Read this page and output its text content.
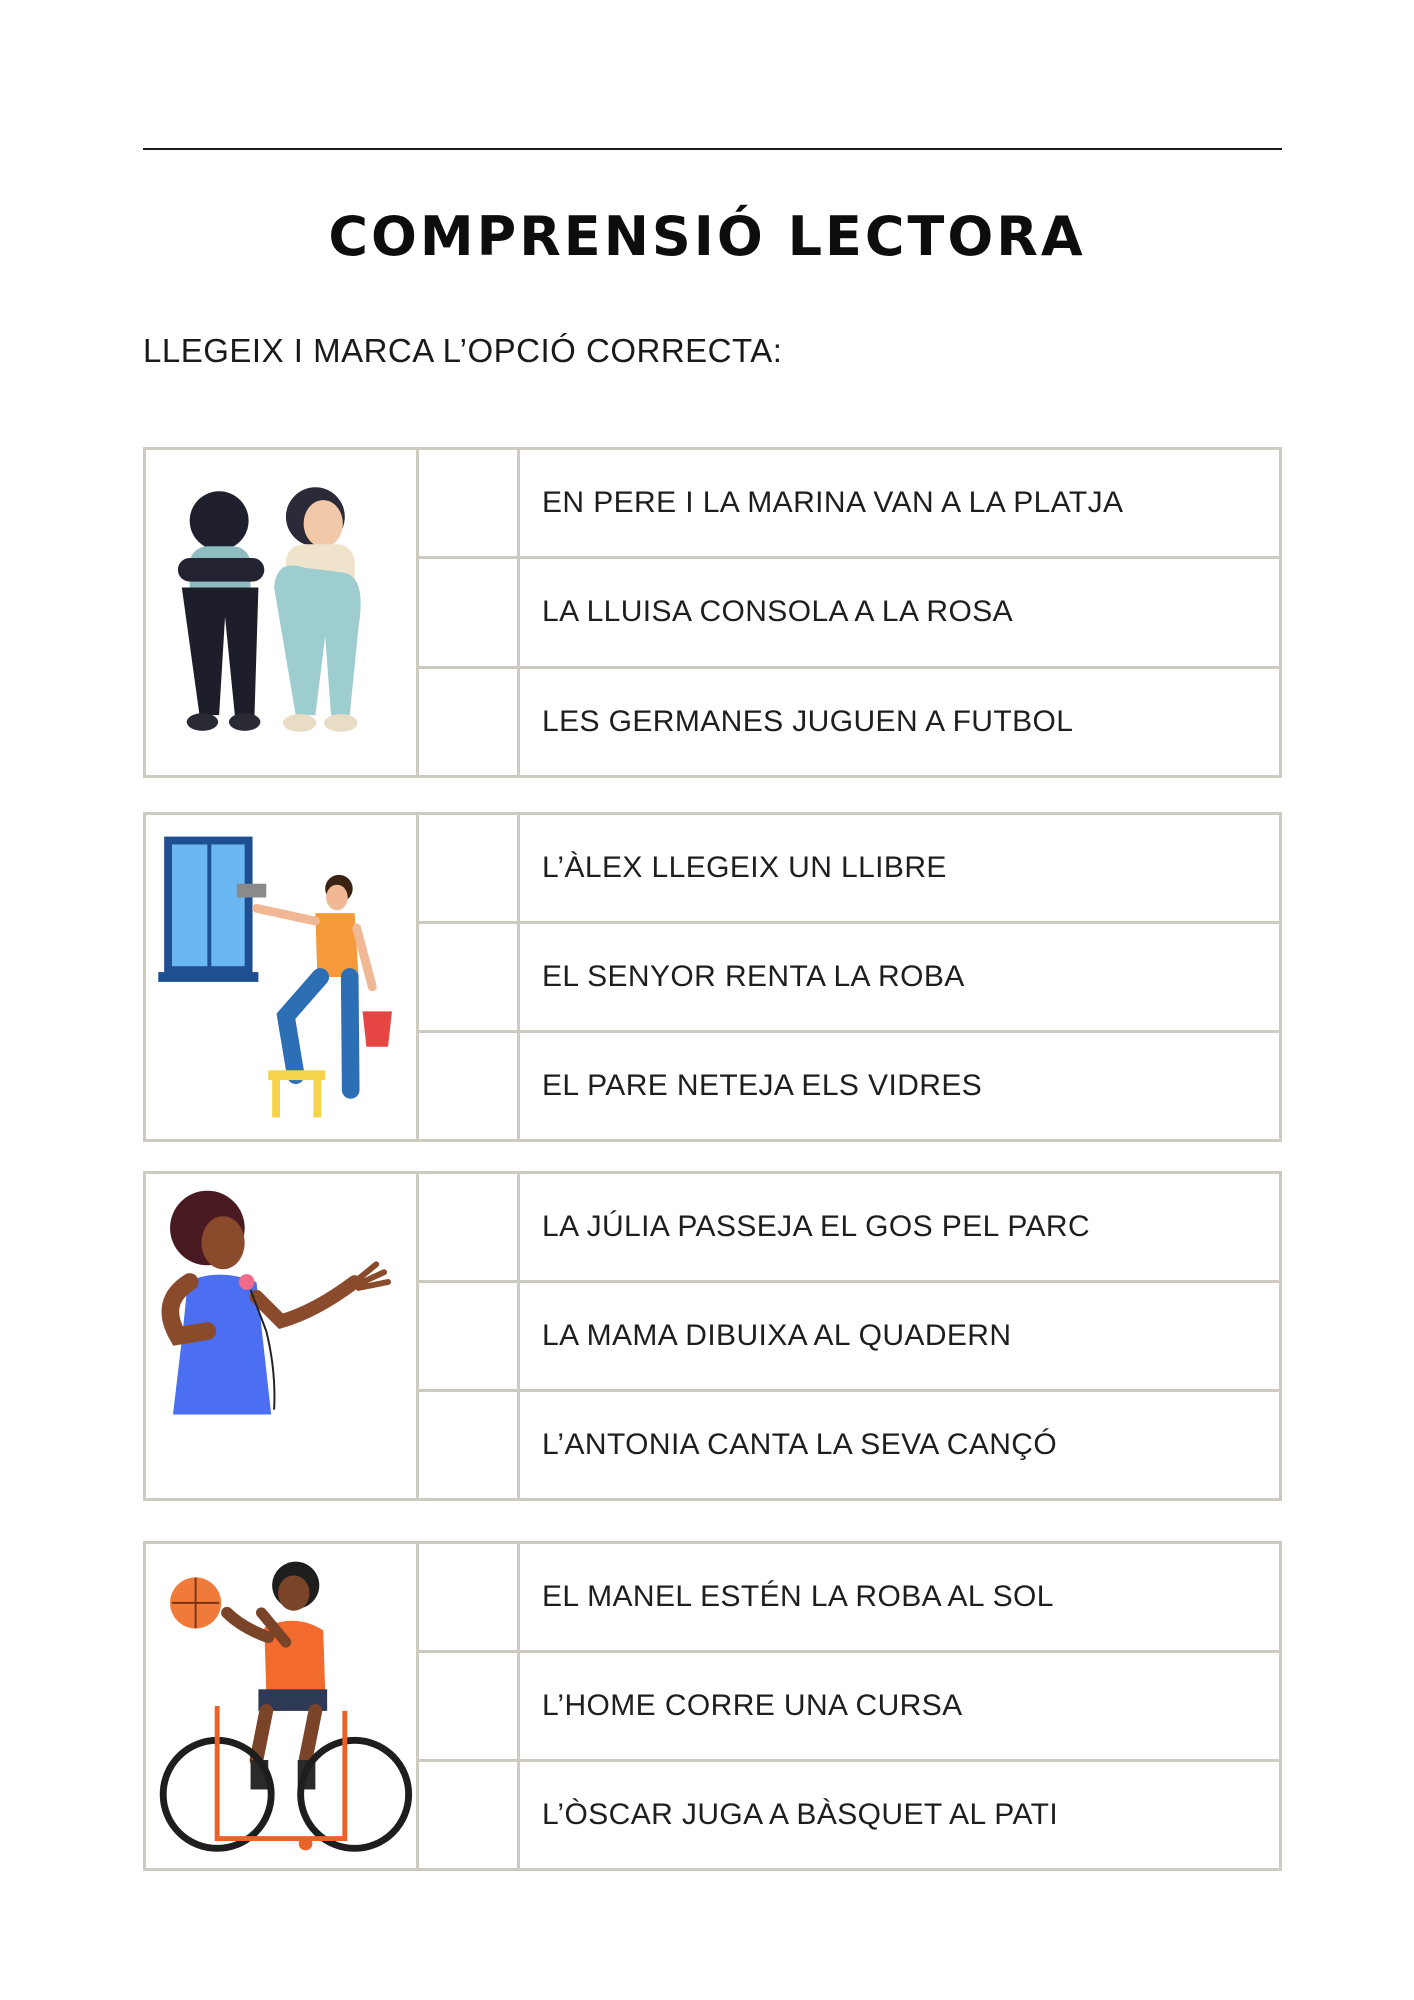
COMPRENSIÓ LECTORA
LLEGEIX I MARCA L’OPCIÓ CORRECTA:
EN PERE I LA MARINA VAN A LA PLATJA
LA LLUISA CONSOLA A LA ROSA
LES GERMANES JUGUEN A FUTBOL
L’ÀLEX LLEGEIX UN LLIBRE
EL SENYOR RENTA LA ROBA
EL PARE NETEJA ELS VIDRES
LA JÚLIA PASSEJA EL GOS PEL PARC
LA MAMA DIBUIXA AL QUADERN
L’ANTONIA CANTA LA SEVA CANÇÓ
EL MANEL ESTÉN LA ROBA AL SOL
L’HOME CORRE UNA CURSA
L’ÒSCAR JUGA A BÀSQUET AL PATI
